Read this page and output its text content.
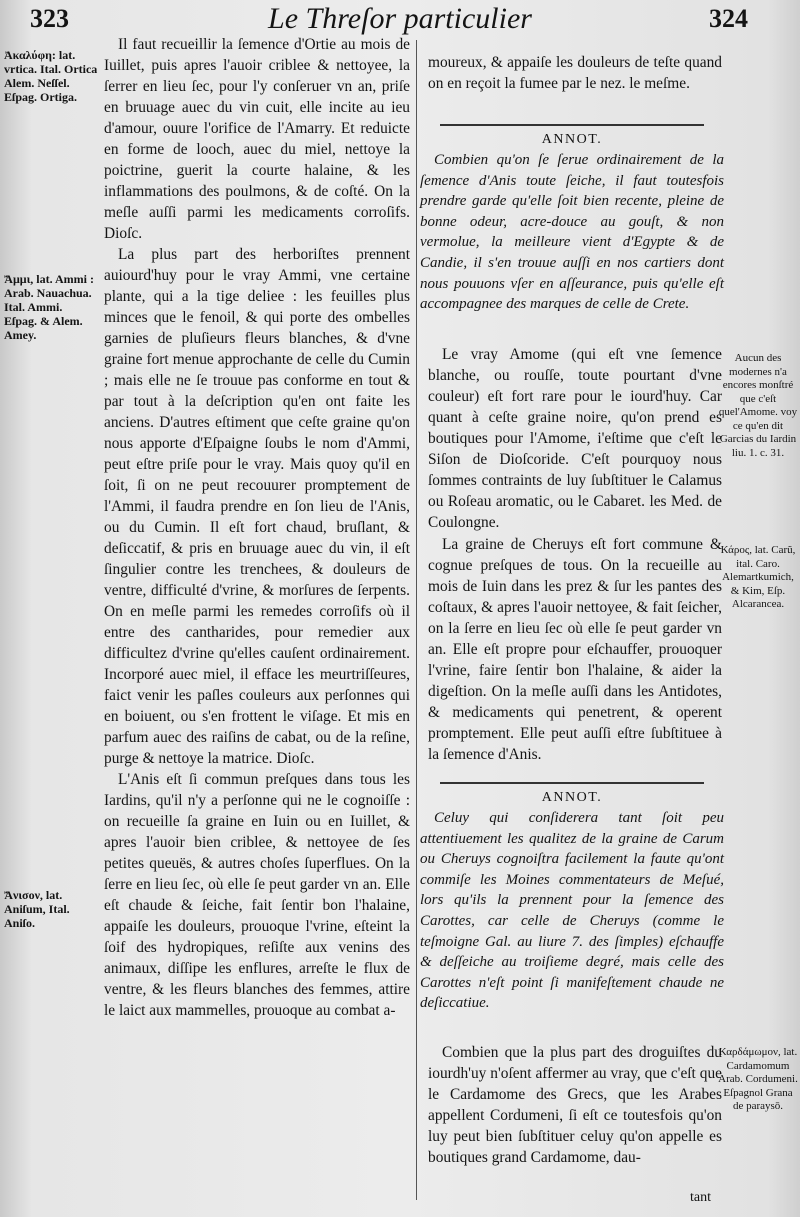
323	Le Threſor particulier	324
Ἀκαλύφη: lat. vrtica. Ital. Ortica Alem. Neſſel. Eſpag. Ortiga.
Ἄμμι, lat. Ammi : Arab. Nauachua. Ital. Ammi. Eſpag. & Alem. Amey.
Ἄνισον, lat. Aniſum, Ital. Aniſo.

Il faut recueillir la ſemence d'Ortie au mois de Iuillet, puis apres l'auoir criblee & nettoyee, la ſerrer en lieu ſec, pour l'y conſeruer vn an, priſe en bruuage auec du vin cuit, elle incite au ieu d'amour, ouure l'orifice de l'Amarry. Et reduicte en forme de looch, auec du miel, nettoye la poictrine, guerit la courte halaine, & les inflammations des poulmons, & de coſté. On la meſle auſſi parmi les medicaments corroſifs. Dioſc.

La plus part des herboriſtes prennent auiourd'huy pour le vray Ammi, vne certaine plante, qui a la tige deliee : les feuilles plus minces que le fenoil, & qui porte des ombelles garnies de pluſieurs fleurs blanches, & d'vne graine fort menue approchante de celle du Cumin ; mais elle ne ſe trouue pas conforme en tout & par tout à la deſcription qu'en ont faite les anciens. D'autres eſtiment que ceſte graine qu'on nous apporte d'Eſpaigne ſoubs le nom d'Ammi, peut eſtre priſe pour le vray. Mais quoy qu'il en ſoit, ſi on ne peut recouurer promptement de l'Ammi, il faudra prendre en ſon lieu de l'Anis, ou du Cumin. Il eſt fort chaud, bruſlant, & deſiccatif, & pris en bruuage auec du vin, il eſt ſingulier contre les trenchees, & douleurs de ventre, difficulté d'vrine, & morſures de ſerpents. On en meſle parmi les remedes corroſifs où il entre des cantharides, pour remedier aux difficultez d'vrine qu'elles cauſent ordinairement. Incorporé auec miel, il efface les meurtriſſeures, faict venir les paſles couleurs aux perſonnes qui en boiuent, ou s'en frottent le viſage. Et mis en parfum auec des raiſins de cabat, ou de la reſine, purge & nettoye la matrice. Dioſc.

L'Anis eſt ſi commun preſques dans tous les Iardins, qu'il n'y a perſonne qui ne le cognoiſſe : on recueille ſa graine en Iuin ou en Iuillet, & apres l'auoir bien criblee, & nettoyee de ſes petites queuës, & autres choſes ſuperflues. On la ſerre en lieu ſec, où elle ſe peut garder vn an. Elle eſt chaude & ſeiche, fait ſentir bon l'halaine, appaiſe les douleurs, prouoque l'vrine, eſteint la ſoif des hydropiques, reſiſte aux venins des animaux, diſſipe les enflures, arreſte le flux de ventre, & les fleurs blanches des femmes, attire le laict aux mammelles, prouoque au combat a-

moureux, & appaiſe les douleurs de teſte quand on en reçoit la fumee par le nez. le meſme.

ANNOT.

Combien qu'on ſe ſerue ordinairement de la ſemence d'Anis toute ſeiche, il faut toutesfois prendre garde qu'elle ſoit bien recente, pleine de bonne odeur, acre-douce au gouſt, & non vermolue, la meilleure vient d'Egypte & de Candie, il s'en trouue auſſi en nos cartiers dont nous pouuons vſer en aſſeurance, puis qu'elle eſt accompagnee des marques de celle de Crete.

Le vray Amome (qui eſt vne ſemence blanche, ou rouſſe, toute pourtant d'vne couleur) eſt fort rare pour le iourd'huy. Car quant à ceſte graine noire, qu'on prend es boutiques pour l'Amome, i'eſtime que c'eſt le Siſon de Dioſcoride. C'eſt pourquoy nous ſommes contraints de luy ſubſtituer le Calamus ou Roſeau aromatic, ou le Cabaret. les Med. de Coulongne.

La graine de Cheruys eſt fort commune & cognue preſques de tous. On la recueille au mois de Iuin dans les prez & ſur les pantes des coſtaux, & apres l'auoir nettoyee, & fait ſeicher, on la ſerre en lieu ſec où elle ſe peut garder vn an. Elle eſt propre pour eſchauffer, prouoquer l'vrine, faire ſentir bon l'halaine, & aider la digeſtion. On la meſle auſſi dans les Antidotes, & medicaments qui penetrent, & operent promptement. Elle peut auſſi eſtre ſubſtituee à la ſemence d'Anis.

ANNOT.

Celuy qui conſiderera tant ſoit peu attentiuement les qualitez de la graine de Carum ou Cheruys cognoiſtra facilement la faute qu'ont commiſe les Moines commentateurs de Meſué, lors qu'ils la prennent pour la ſemence des Carottes, car celle de Cheruys (comme le teſmoigne Gal. au liure 7. des ſimples) eſchauffe & deſſeiche au troiſieme degré, mais celle des Carottes n'eſt point ſi manifeſtement chaude ne deſiccatiue.

Combien que la plus part des droguiſtes du iourdh'uy n'oſent affermer au vray, que c'eſt que le Cardamome des Grecs, que les Arabes appellent Cordumeni, ſi eſt ce toutesfois qu'on luy peut bien ſubſtituer celuy qu'on appelle es boutiques grand Cardamome, dau-

tant
Aucun des modernes n'a encores monſtré que c'eſt quel'Amome. voy ce qu'en dit Garcias du Iardin liu. 1. c. 31.
Κάρος, lat. Carũ, ital. Caro. Alemartkumich, & Kim, Eſp. Alcarancea.
Καρδάμωμον, lat. Cardamomum Arab. Cordumeni. Eſpagnol Grana de paraysō.
